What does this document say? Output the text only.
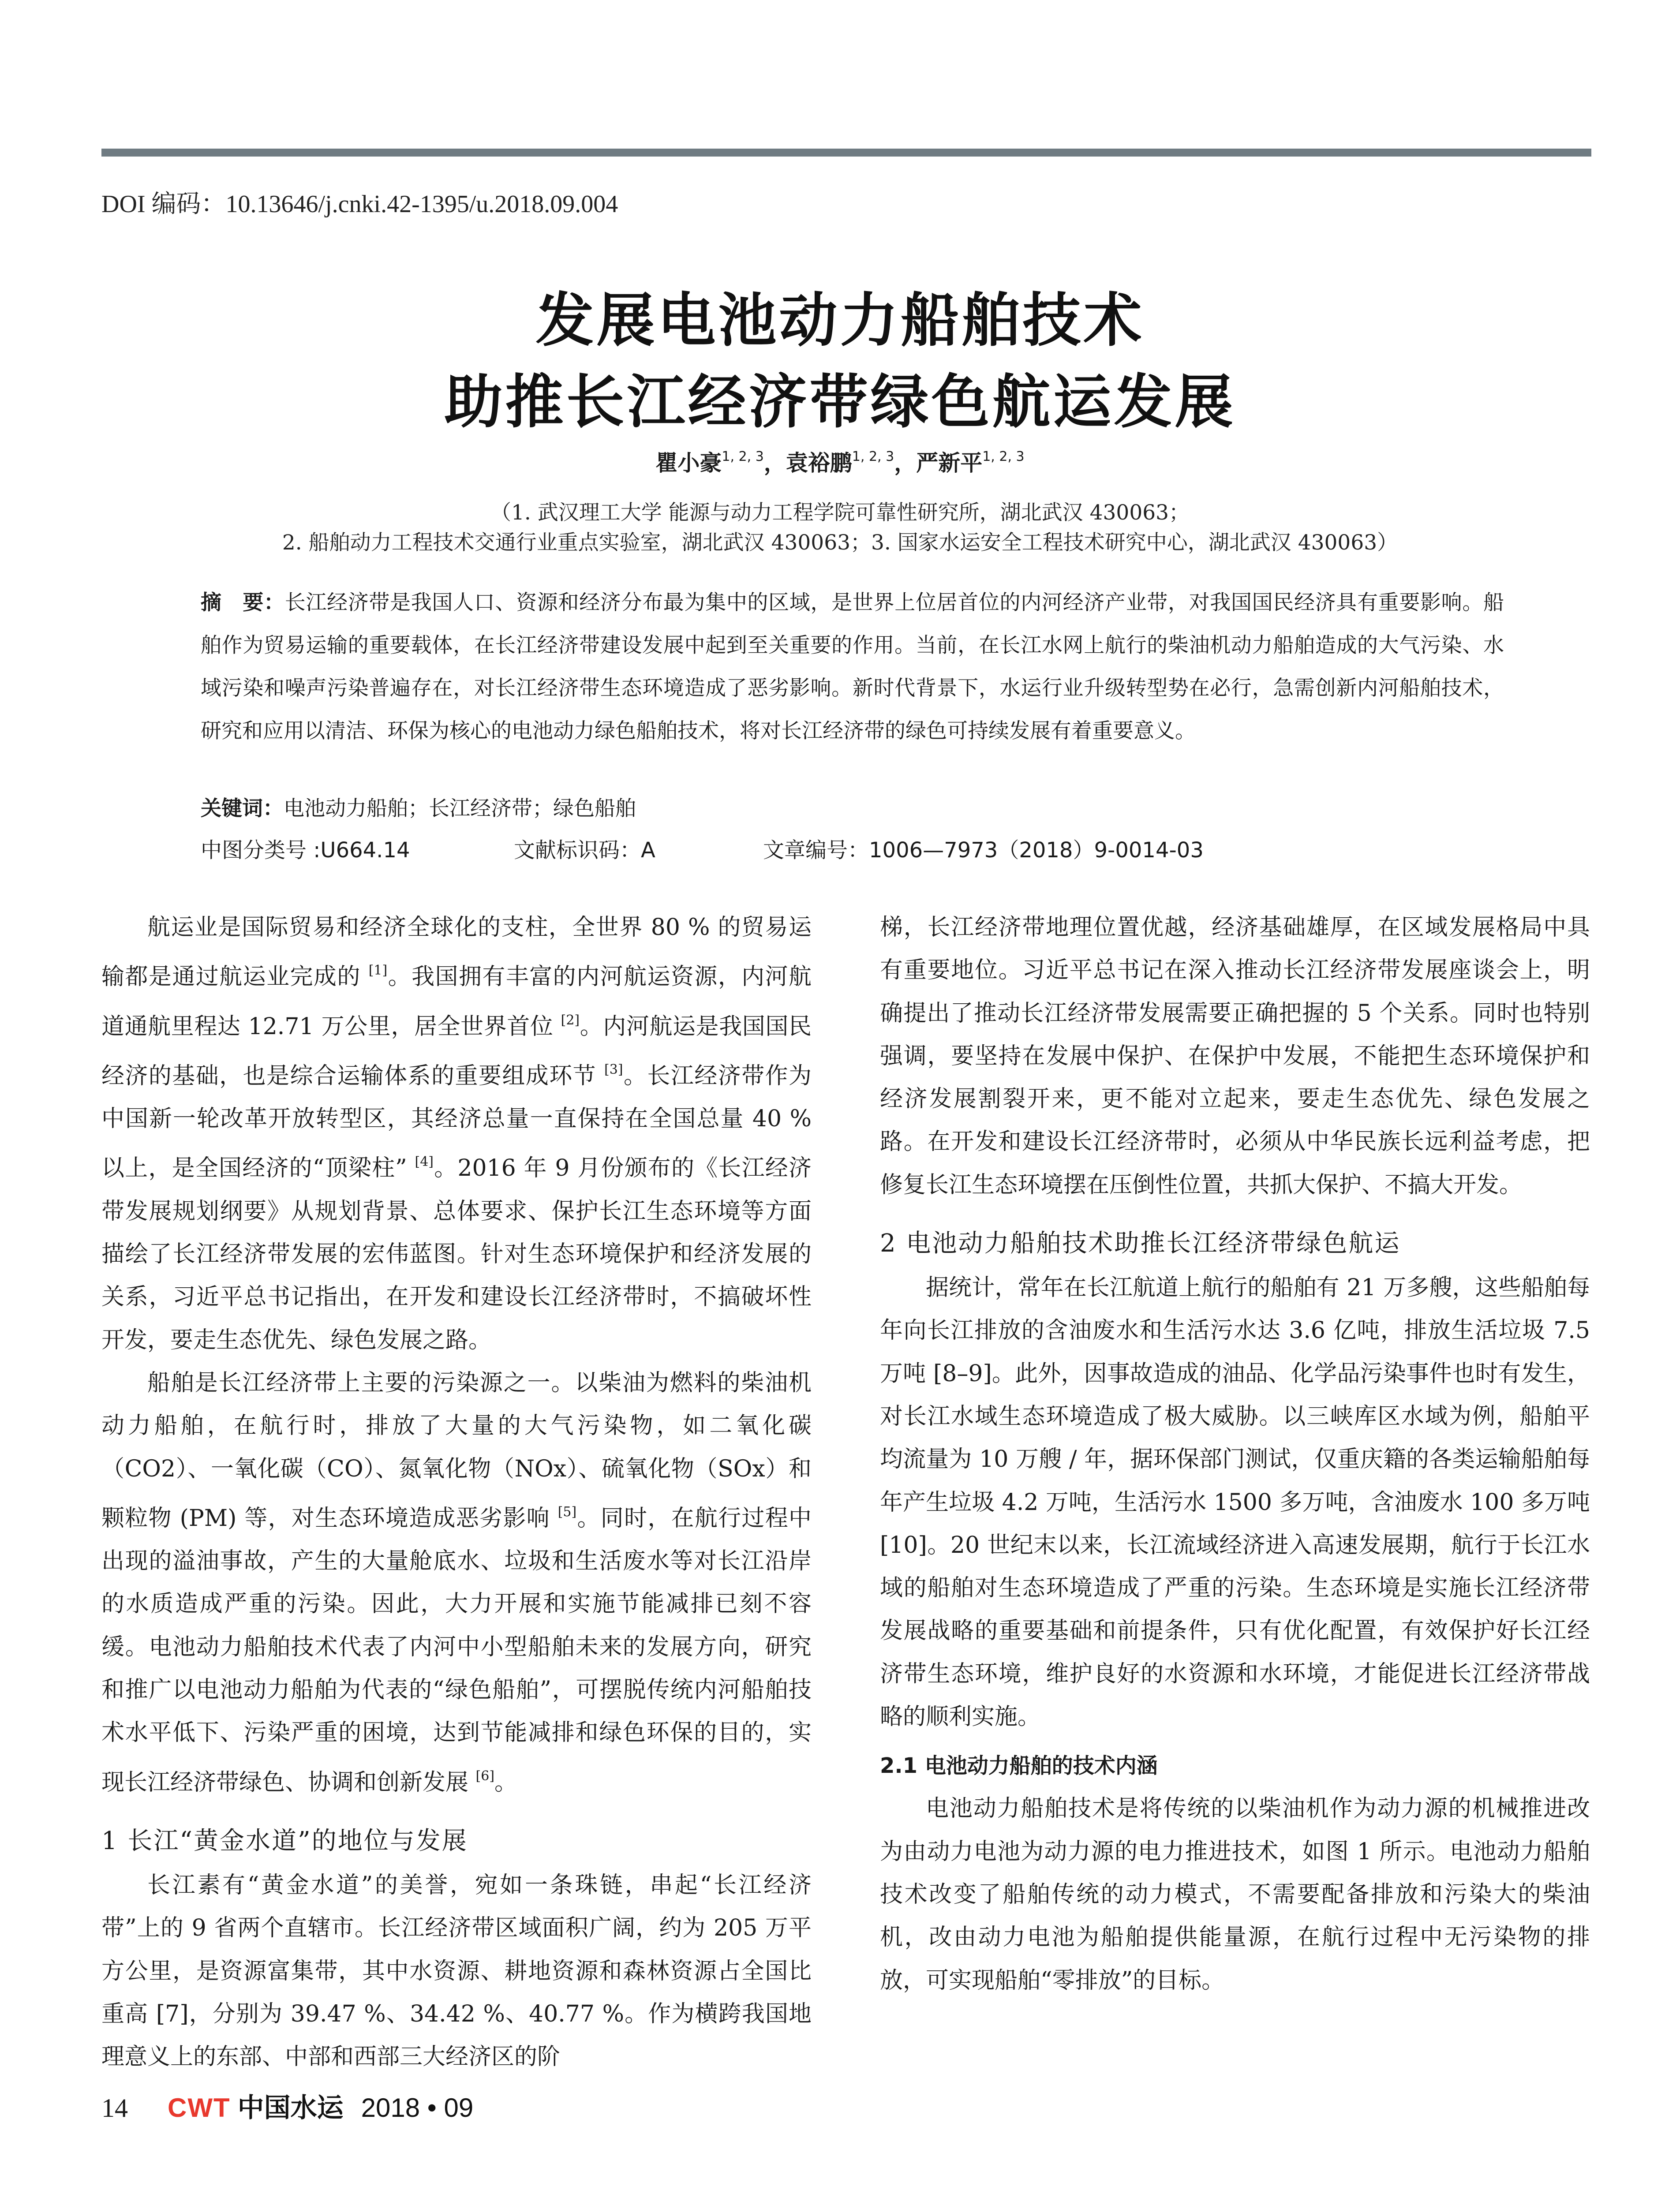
DOI 编码：10.13646/j.cnki.42-1395/u.2018.09.004
发展电池动力船舶技术
助推长江经济带绿色航运发展
瞿小豪$^{1, 2, 3}$，袁裕鹏$^{1, 2, 3}$，严新平$^{1, 2, 3}$
（1. 武汉理工大学 能源与动力工程学院可靠性研究所，湖北武汉 430063；
2. 船舶动力工程技术交通行业重点实验室，湖北武汉 430063；3. 国家水运安全工程技术研究中心，湖北武汉 430063）
摘　要：长江经济带是我国人口、资源和经济分布最为集中的区域，是世界上位居首位的内河经济产业带，对我国国民经济具有重要影响。船舶作为贸易运输的重要载体，在长江经济带建设发展中起到至关重要的作用。当前，在长江水网上航行的柴油机动力船舶造成的大气污染、水域污染和噪声污染普遍存在，对长江经济带生态环境造成了恶劣影响。新时代背景下，水运行业升级转型势在必行，急需创新内河船舶技术，研究和应用以清洁、环保为核心的电池动力绿色船舶技术，将对长江经济带的绿色可持续发展有着重要意义。
关键词：电池动力船舶；长江经济带；绿色船舶
中图分类号 :U664.14	文献标识码：A	文章编号：1006—7973（2018）9-0014-03

航运业是国际贸易和经济全球化的支柱，全世界 80 % 的贸易运输都是通过航运业完成的 [1]。我国拥有丰富的内河航运资源，内河航道通航里程达 12.71 万公里，居全世界首位 [2]。内河航运是我国国民经济的基础，也是综合运输体系的重要组成环节 [3]。长江经济带作为中国新一轮改革开放转型区，其经济总量一直保持在全国总量 40 % 以上，是全国经济的“顶梁柱” [4]。2016 年 9 月份颁布的《长江经济带发展规划纲要》从规划背景、总体要求、保护长江生态环境等方面描绘了长江经济带发展的宏伟蓝图。针对生态环境保护和经济发展的关系，习近平总书记指出，在开发和建设长江经济带时，不搞破坏性开发，要走生态优先、绿色发展之路。

船舶是长江经济带上主要的污染源之一。以柴油为燃料的柴油机动力船舶，在航行时，排放了大量的大气污染物，如二氧化碳（CO2）、一氧化碳（CO）、氮氧化物（NOx）、硫氧化物（SOx）和颗粒物 (PM) 等，对生态环境造成恶劣影响 [5]。同时，在航行过程中出现的溢油事故，产生的大量舱底水、垃圾和生活废水等对长江沿岸的水质造成严重的污染。因此，大力开展和实施节能减排已刻不容缓。电池动力船舶技术代表了内河中小型船舶未来的发展方向，研究和推广以电池动力船舶为代表的“绿色船舶”，可摆脱传统内河船舶技术水平低下、污染严重的困境，达到节能减排和绿色环保的目的，实现长江经济带绿色、协调和创新发展 [6]。

1 长江“黄金水道”的地位与发展

长江素有“黄金水道”的美誉，宛如一条珠链，串起“长江经济带”上的 9 省两个直辖市。长江经济带区域面积广阔，约为 205 万平方公里，是资源富集带，其中水资源、耕地资源和森林资源占全国比重高 [7]，分别为 39.47 %、34.42 %、40.77 %。作为横跨我国地理意义上的东部、中部和西部三大经济区的阶

梯，长江经济带地理位置优越，经济基础雄厚，在区域发展格局中具有重要地位。习近平总书记在深入推动长江经济带发展座谈会上，明确提出了推动长江经济带发展需要正确把握的 5 个关系。同时也特别强调，要坚持在发展中保护、在保护中发展，不能把生态环境保护和经济发展割裂开来，更不能对立起来，要走生态优先、绿色发展之路。在开发和建设长江经济带时，必须从中华民族长远利益考虑，把修复长江生态环境摆在压倒性位置，共抓大保护、不搞大开发。

2 电池动力船舶技术助推长江经济带绿色航运

据统计，常年在长江航道上航行的船舶有 21 万多艘，这些船舶每年向长江排放的含油废水和生活污水达 3.6 亿吨，排放生活垃圾 7.5 万吨 [8–9]。此外，因事故造成的油品、化学品污染事件也时有发生，对长江水域生态环境造成了极大威胁。以三峡库区水域为例，船舶平均流量为 10 万艘 / 年，据环保部门测试，仅重庆籍的各类运输船舶每年产生垃圾 4.2 万吨，生活污水 1500 多万吨，含油废水 100 多万吨 [10]。20 世纪末以来，长江流域经济进入高速发展期，航行于长江水域的船舶对生态环境造成了严重的污染。生态环境是实施长江经济带发展战略的重要基础和前提条件，只有优化配置，有效保护好长江经济带生态环境，维护良好的水资源和水环境，才能促进长江经济带战略的顺利实施。

2.1 电池动力船舶的技术内涵

电池动力船舶技术是将传统的以柴油机作为动力源的机械推进改为由动力电池为动力源的电力推进技术，如图 1 所示。电池动力船舶技术改变了船舶传统的动力模式，不需要配备排放和污染大的柴油机，改由动力电池为船舶提供能量源，在航行过程中无污染物的排放，可实现船舶“零排放”的目标。

14 CWT 中国水运 2018 • 09
